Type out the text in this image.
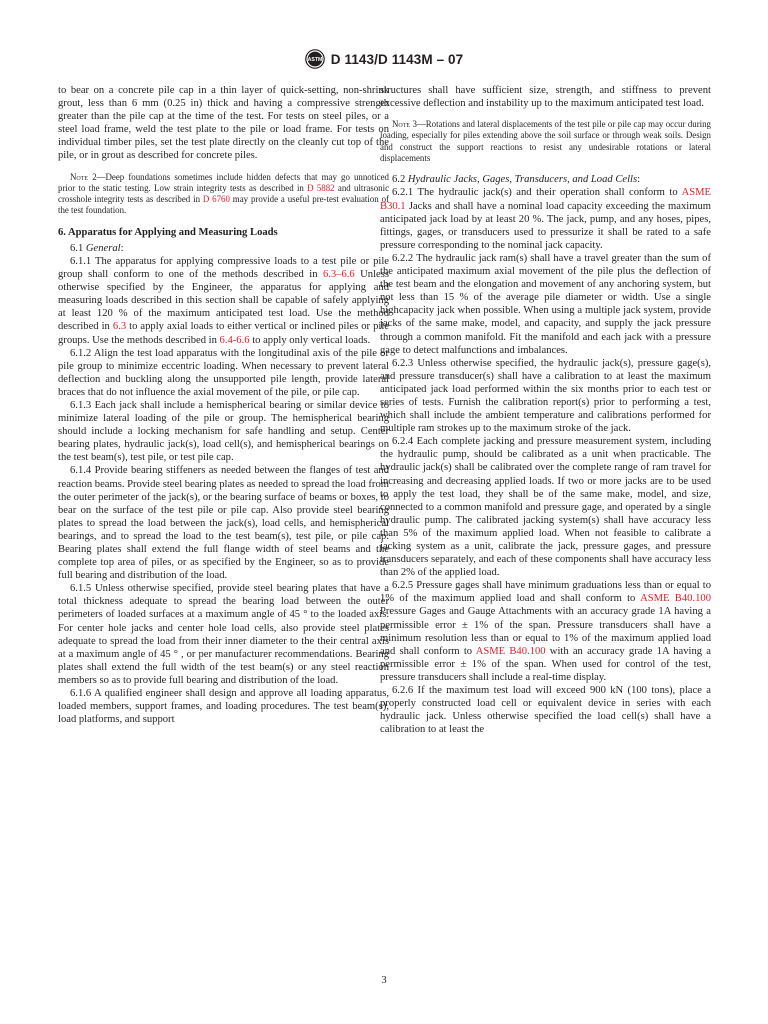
ASTM D 1143/D 1143M – 07

to bear on a concrete pile cap in a thin layer of quick-setting, non-shrink grout, less than 6 mm (0.25 in) thick and having a compressive strength greater than the pile cap at the time of the test. For tests on steel piles, or a steel load frame, weld the test plate to the pile or load frame. For tests on individual timber piles, set the test plate directly on the cleanly cut top of the pile, or in grout as described for concrete piles.

Note 2—Deep foundations sometimes include hidden defects that may go unnoticed prior to the static testing. Low strain integrity tests as described in D 5882 and ultrasonic crosshole integrity tests as described in D 6760 may provide a useful pre-test evaluation of the test foundation.

6. Apparatus for Applying and Measuring Loads

6.1 General:

6.1.1 The apparatus for applying compressive loads to a test pile or pile group shall conform to one of the methods described in 6.3–6.6 Unless otherwise specified by the Engineer, the apparatus for applying and measuring loads described in this section shall be capable of safely applying at least 120 % of the maximum anticipated test load. Use the method described in 6.3 to apply axial loads to either vertical or inclined piles or pile groups. Use the methods described in 6.4-6.6 to apply only vertical loads.

6.1.2 Align the test load apparatus with the longitudinal axis of the pile or pile group to minimize eccentric loading. When necessary to prevent lateral deflection and buckling along the unsupported pile length, provide lateral braces that do not influence the axial movement of the pile, or pile cap.

6.1.3 Each jack shall include a hemispherical bearing or similar device to minimize lateral loading of the pile or group. The hemispherical bearing should include a locking mechanism for safe handling and setup. Center bearing plates, hydraulic jack(s), load cell(s), and hemispherical bearings on the test beam(s), test pile, or test pile cap.

6.1.4 Provide bearing stiffeners as needed between the flanges of test and reaction beams. Provide steel bearing plates as needed to spread the load from the outer perimeter of the jack(s), or the bearing surface of beams or boxes, to bear on the surface of the test pile or pile cap. Also provide steel bearing plates to spread the load between the jack(s), load cells, and hemispherical bearings, and to spread the load to the test beam(s), test pile, or pile cap. Bearing plates shall extend the full flange width of steel beams and the complete top area of piles, or as specified by the Engineer, so as to provide full bearing and distribution of the load.

6.1.5 Unless otherwise specified, provide steel bearing plates that have a total thickness adequate to spread the bearing load between the outer perimeters of loaded surfaces at a maximum angle of 45 ° to the loaded axis. For center hole jacks and center hole load cells, also provide steel plates adequate to spread the load from their inner diameter to the their central axis at a maximum angle of 45 ° , or per manufacturer recommendations. Bearing plates shall extend the full width of the test beam(s) or any steel reaction members so as to provide full bearing and distribution of the load.

6.1.6 A qualified engineer shall design and approve all loading apparatus, loaded members, support frames, and loading procedures. The test beam(s), load platforms, and support

structures shall have sufficient size, strength, and stiffness to prevent excessive deflection and instability up to the maximum anticipated test load.

Note 3—Rotations and lateral displacements of the test pile or pile cap may occur during loading, especially for piles extending above the soil surface or through weak soils. Design and construct the support reactions to resist any undesirable rotations or lateral displacements

6.2 Hydraulic Jacks, Gages, Transducers, and Load Cells:

6.2.1 The hydraulic jack(s) and their operation shall conform to ASME B30.1 Jacks and shall have a nominal load capacity exceeding the maximum anticipated jack load by at least 20 %. The jack, pump, and any hoses, pipes, fittings, gages, or transducers used to pressurize it shall be rated to a safe pressure corresponding to the nominal jack capacity.

6.2.2 The hydraulic jack ram(s) shall have a travel greater than the sum of the anticipated maximum axial movement of the pile plus the deflection of the test beam and the elongation and movement of any anchoring system, but not less than 15 % of the average pile diameter or width. Use a single highcapacity jack when possible. When using a multiple jack system, provide jacks of the same make, model, and capacity, and supply the jack pressure through a common manifold. Fit the manifold and each jack with a pressure gage to detect malfunctions and imbalances.

6.2.3 Unless otherwise specified, the hydraulic jack(s), pressure gage(s), and pressure transducer(s) shall have a calibration to at least the maximum anticipated jack load performed within the six months prior to each test or series of tests. Furnish the calibration report(s) prior to performing a test, which shall include the ambient temperature and calibrations performed for multiple ram strokes up to the maximum stroke of the jack.

6.2.4 Each complete jacking and pressure measurement system, including the hydraulic pump, should be calibrated as a unit when practicable. The hydraulic jack(s) shall be calibrated over the complete range of ram travel for increasing and decreasing applied loads. If two or more jacks are to be used to apply the test load, they shall be of the same make, model, and size, connected to a common manifold and pressure gage, and operated by a single hydraulic pump. The calibrated jacking system(s) shall have accuracy less than 5% of the maximum applied load. When not feasible to calibrate a jacking system as a unit, calibrate the jack, pressure gages, and pressure transducers separately, and each of these components shall have accuracy less than 2% of the applied load.

6.2.5 Pressure gages shall have minimum graduations less than or equal to 1% of the maximum applied load and shall conform to ASME B40.100 Pressure Gages and Gauge Attachments with an accuracy grade 1A having a permissible error ± 1% of the span. Pressure transducers shall have a minimum resolution less than or equal to 1% of the maximum applied load and shall conform to ASME B40.100 with an accuracy grade 1A having a permissible error ± 1% of the span. When used for control of the test, pressure transducers shall include a real-time display.

6.2.6 If the maximum test load will exceed 900 kN (100 tons), place a properly constructed load cell or equivalent device in series with each hydraulic jack. Unless otherwise specified the load cell(s) shall have a calibration to at least the

3
